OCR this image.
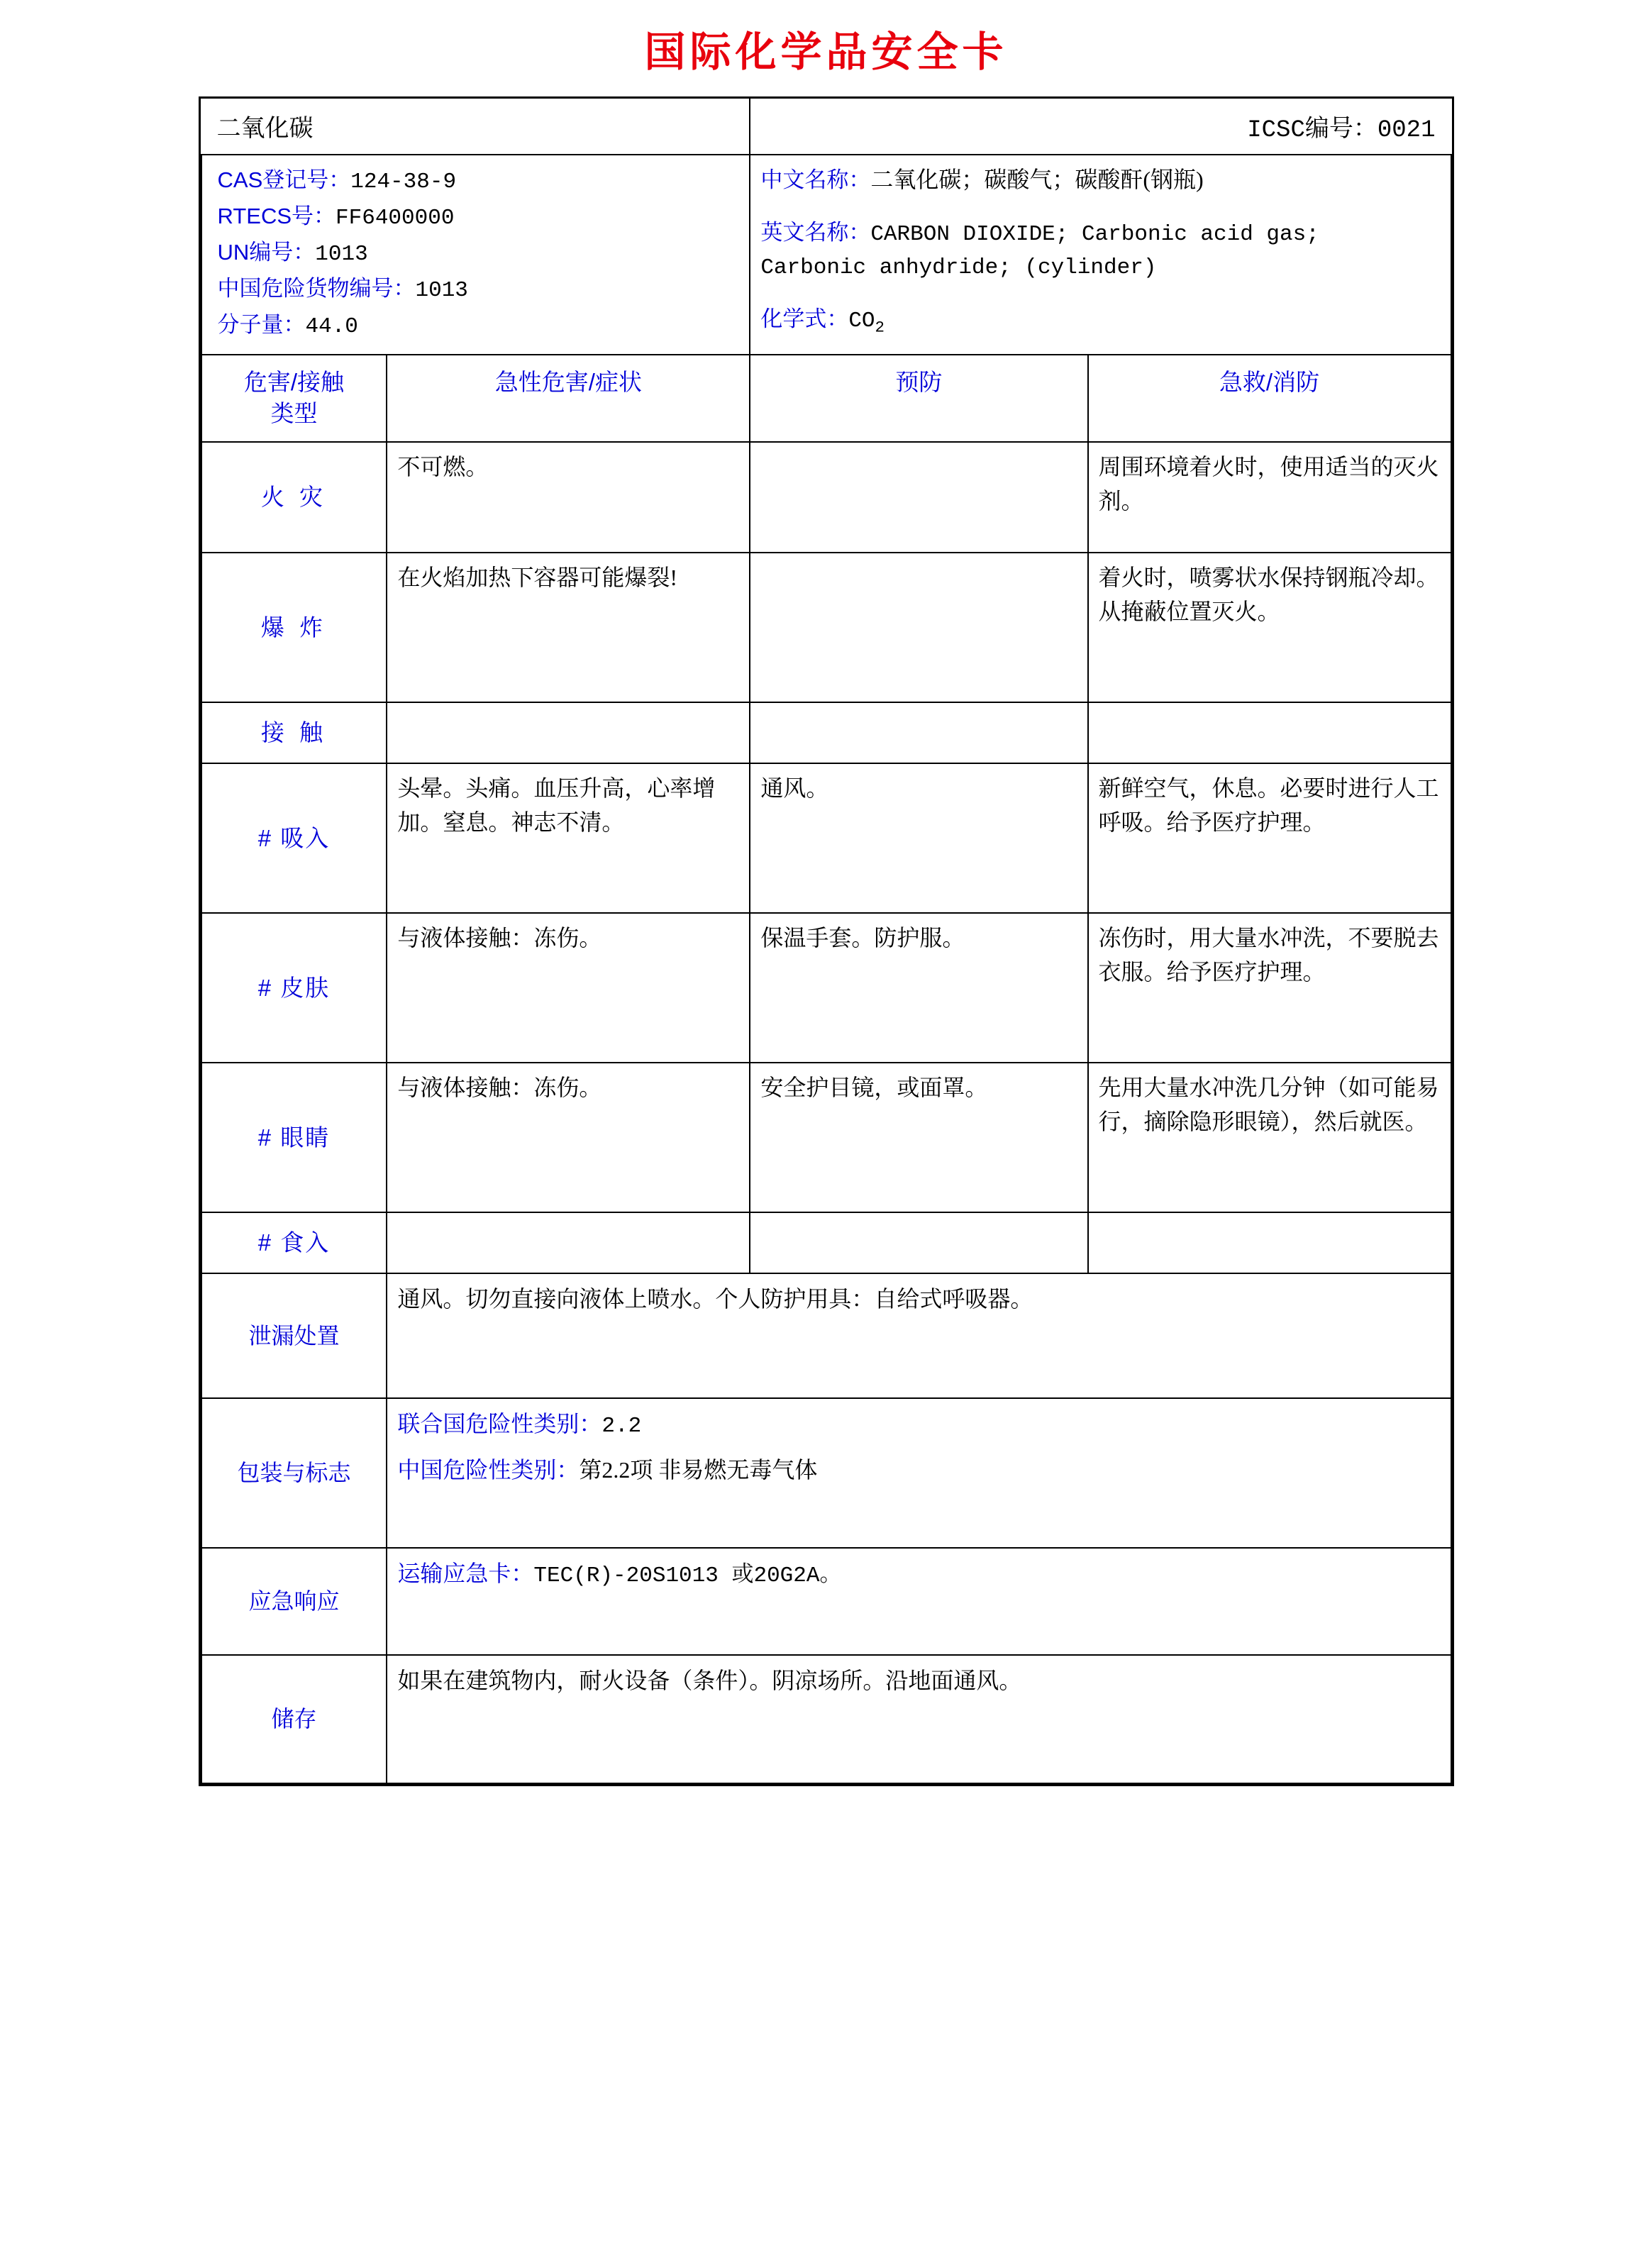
国际化学品安全卡
二氧化碳		ICSC编号：0021	

CAS登记号：124-38-9
RTECS号：FF6400000
UN编号：1013
中国危险货物编号：1013
分子量：44.0

中文名称：二氧化碳；碳酸气；碳酸酐(钢瓶)
英文名称：CARBON DIOXIDE; Carbonic acid gas;
Carbonic anhydride; (cylinder)
化学式：$CO_2$

危害/接触
类型	急性危害/症状	预防	急救/消防
火 灾	不可燃。		周围环境着火时，使用适当的灭火剂。
爆 炸	在火焰加热下容器可能爆裂!		着火时，喷雾状水保持钢瓶冷却。从掩蔽位置灭火。
接 触			
# 吸入	头晕。头痛。血压升高，心率增加。窒息。神志不清。	通风。	新鲜空气，休息。必要时进行人工呼吸。给予医疗护理。
# 皮肤	与液体接触：冻伤。	保温手套。防护服。	冻伤时，用大量水冲洗，不要脱去衣服。给予医疗护理。
# 眼睛	与液体接触：冻伤。	安全护目镜，或面罩。	先用大量水冲洗几分钟（如可能易行，摘除隐形眼镜），然后就医。
# 食入			
泄漏处置	通风。切勿直接向液体上喷水。个人防护用具：自给式呼吸器。		
包装与标志	联合国危险性类别：2.2
中国危险性类别：第2.2项 非易燃无毒气体		

应急响应	运输应急卡：TEC(R)-20S1013 或20G2A。		
储存	如果在建筑物内，耐火设备（条件）。阴凉场所。沿地面通风。		
